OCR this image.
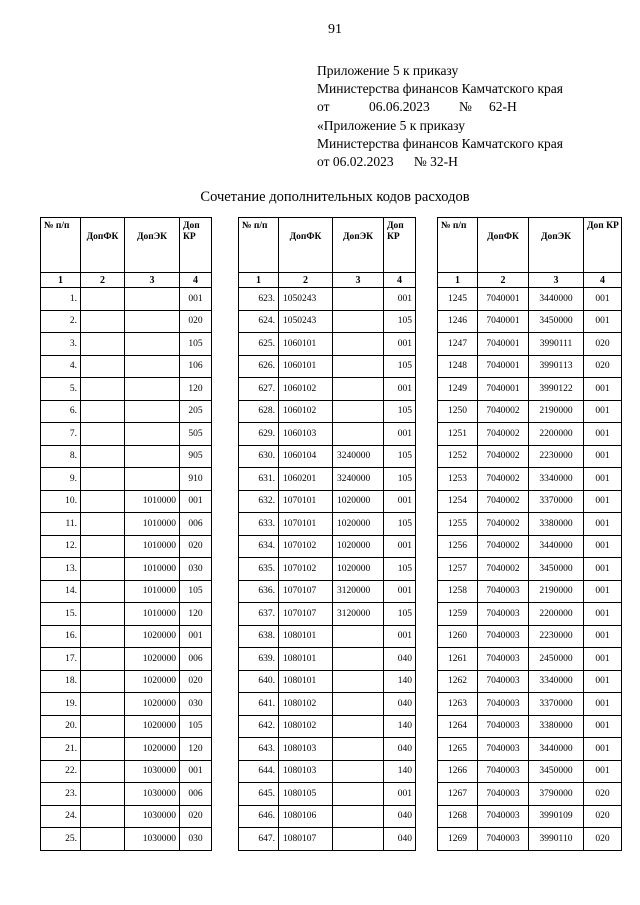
91
Приложение 5 к приказу
Министерства финансов Камчатского края
от	06.06.2023 № 62-Н
«Приложение 5 к приказу
Министерства финансов Камчатского края
от 06.02.2023      № 32-Н
Сочетание дополнительных кодов расходов
№ п/п	ДопФК	ДопЭК	Доп КР
1	2	3	4
1.			001
2.			020
3.			105
4.			106
5.			120
6.			205
7.			505
8.			905
9.			910
10.		1010000	001
11.		1010000	006
12.		1010000	020
13.		1010000	030
14.		1010000	105
15.		1010000	120
16.		1020000	001
17.		1020000	006
18.		1020000	020
19.		1020000	030
20.		1020000	105
21.		1020000	120
22.		1030000	001
23.		1030000	006
24.		1030000	020
25.		1030000	030
№ п/п	ДопФК	ДопЭК	Доп КР
1	2	3	4
623.	1050243		001
624.	1050243		105
625.	1060101		001
626.	1060101		105
627.	1060102		001
628.	1060102		105
629.	1060103		001
630.	1060104	3240000	105
631.	1060201	3240000	105
632.	1070101	1020000	001
633.	1070101	1020000	105
634.	1070102	1020000	001
635.	1070102	1020000	105
636.	1070107	3120000	001
637.	1070107	3120000	105
638.	1080101		001
639.	1080101		040
640.	1080101		140
641.	1080102		040
642.	1080102		140
643.	1080103		040
644.	1080103		140
645.	1080105		001
646.	1080106		040
647.	1080107		040
№ п/п	ДопФК	ДопЭК	Доп КР
1	2	3	4
1245	7040001	3440000	001
1246	7040001	3450000	001
1247	7040001	3990111	020
1248	7040001	3990113	020
1249	7040001	3990122	001
1250	7040002	2190000	001
1251	7040002	2200000	001
1252	7040002	2230000	001
1253	7040002	3340000	001
1254	7040002	3370000	001
1255	7040002	3380000	001
1256	7040002	3440000	001
1257	7040002	3450000	001
1258	7040003	2190000	001
1259	7040003	2200000	001
1260	7040003	2230000	001
1261	7040003	2450000	001
1262	7040003	3340000	001
1263	7040003	3370000	001
1264	7040003	3380000	001
1265	7040003	3440000	001
1266	7040003	3450000	001
1267	7040003	3790000	020
1268	7040003	3990109	020
1269	7040003	3990110	020
